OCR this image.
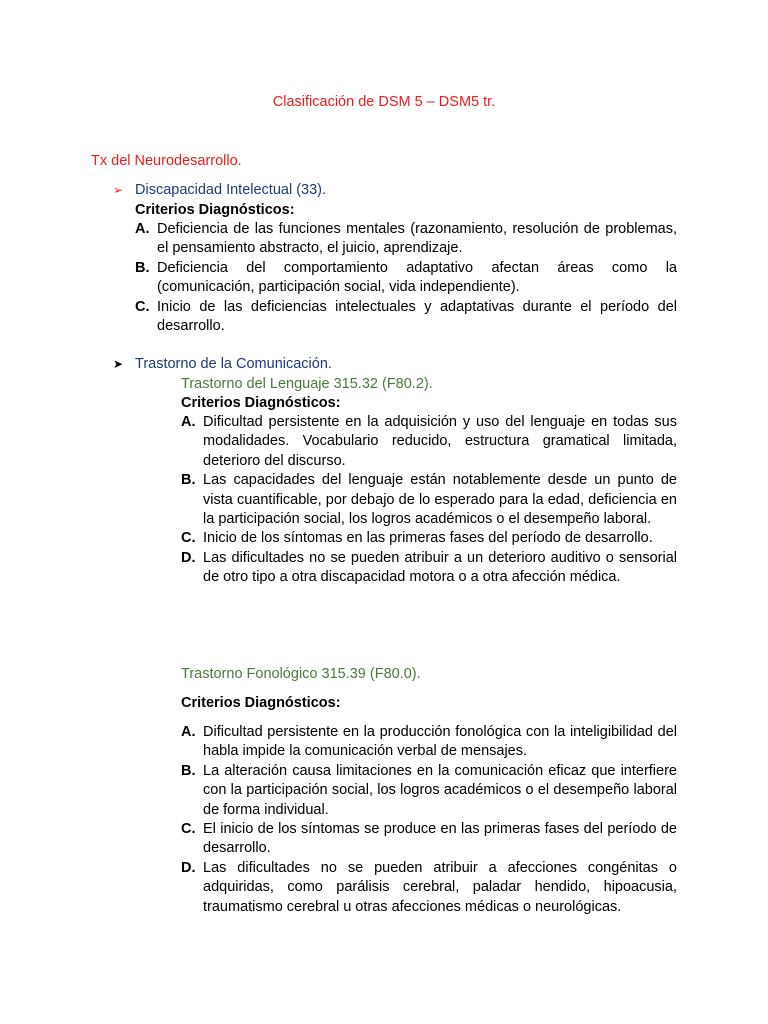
Clasificación de DSM 5 – DSM5 tr.
Tx del Neurodesarrollo.
➢ Discapacidad Intelectual (33).
Criterios Diagnósticos:
A. Deficiencia de las funciones mentales (razonamiento, resolución de problemas, el pensamiento abstracto, el juicio, aprendizaje.
B. Deficiencia del comportamiento adaptativo afectan áreas como la (comunicación, participación social, vida independiente).
C. Inicio de las deficiencias intelectuales y adaptativas durante el período del desarrollo.
➤ Trastorno de la Comunicación.
Trastorno del Lenguaje 315.32 (F80.2).
Criterios Diagnósticos:
A. Dificultad persistente en la adquisición y uso del lenguaje en todas sus modalidades. Vocabulario reducido, estructura gramatical limitada, deterioro del discurso.
B. Las capacidades del lenguaje están notablemente desde un punto de vista cuantificable, por debajo de lo esperado para la edad, deficiencia en la participación social, los logros académicos o el desempeño laboral.
C. Inicio de los síntomas en las primeras fases del período de desarrollo.
D. Las dificultades no se pueden atribuir a un deterioro auditivo o sensorial de otro tipo a otra discapacidad motora o a otra afección médica.
Trastorno Fonológico 315.39 (F80.0).
Criterios Diagnósticos:
A. Dificultad persistente en la producción fonológica con la inteligibilidad del habla impide la comunicación verbal de mensajes.
B. La alteración causa limitaciones en la comunicación eficaz que interfiere con la participación social, los logros académicos o el desempeño laboral de forma individual.
C. El inicio de los síntomas se produce en las primeras fases del período de desarrollo.
D. Las dificultades no se pueden atribuir a afecciones congénitas o adquiridas, como parálisis cerebral, paladar hendido, hipoacusia, traumatismo cerebral u otras afecciones médicas o neurológicas.
